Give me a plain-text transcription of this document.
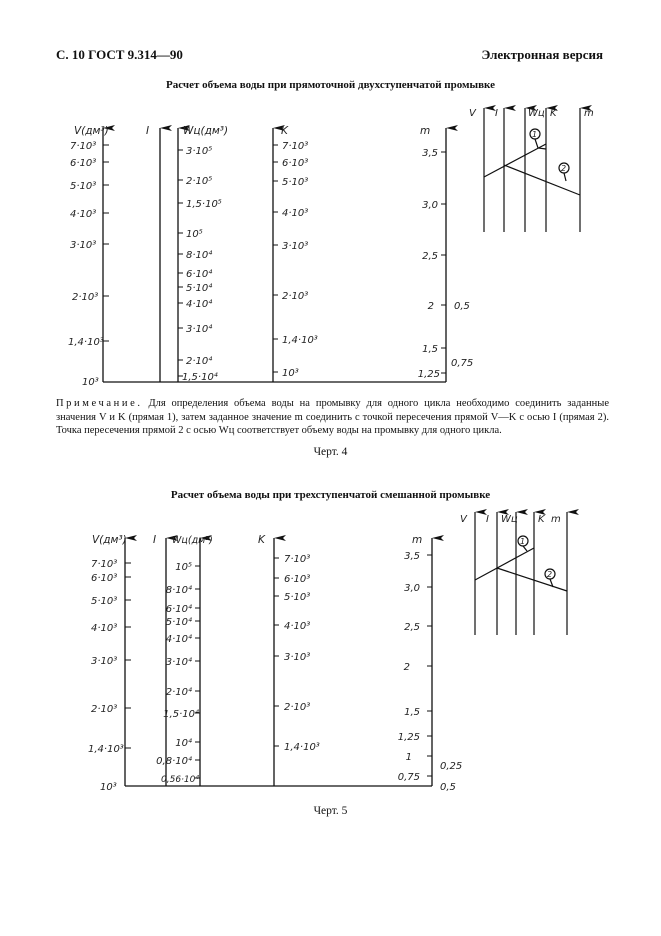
С. 10 ГОСТ 9.314—90	Электронная версия
Расчет объема воды при прямоточной двухступенчатой промывке
V(дм³)	I	Wц(дм³)	K	m
7·10³
6·10³
5·10³
4·10³
3·10³
2·10³
1,4·10³
10³
3·10⁵
2·10⁵
1,5·10⁵
10⁵
8·10⁴
6·10⁴
5·10⁴
4·10⁴
3·10⁴
2·10⁴
1,5·10⁴
7·10³
6·10³
5·10³
4·10³
3·10³
2·10³
1,4·10³
10³
3,5
3,0
2,5
2
1,5
1,25
0,5
0,75
V I	Wц K	m
1
2
V(дм³) I Wц(дм³)	K	m
7·10³
6·10³
5·10³
4·10³
3·10³
2·10³
1,4·10³
10³
10⁵
8·10⁴
6·10⁴
5·10⁴
4·10⁴
3·10⁴
2·10⁴
1,5·10⁴
10⁴
0,8·10⁴
0,56·10⁴
7·10³
6·10³
5·10³
4·10³
3·10³
2·10³
1,4·10³
3,5
3,0
2,5
2
1,5
1,25
1
0,75
0,25
0,5
V I Wц K m
1
2
Примечание. Для определения объема воды на промывку для одного цикла необходимо соединить заданные значения V и K (прямая 1), затем заданное значение m соединить с точкой пересечения прямой V—K с осью I (прямая 2). Точка пересечения прямой 2 с осью Wц соответствует объему воды на промывку для одного цикла.
Черт. 4
Расчет объема воды при трехступенчатой смешанной промывке
Черт. 5
